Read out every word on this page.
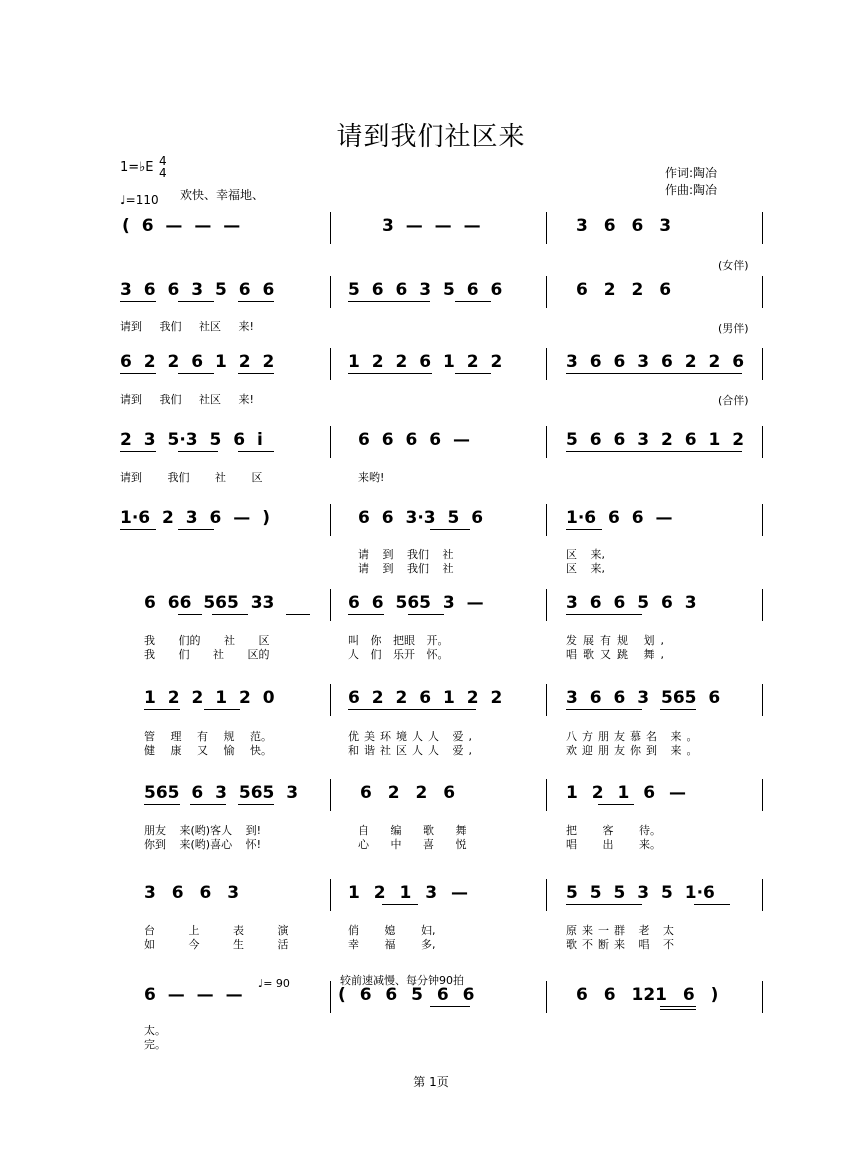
请到我们社区来
1=♭E 4
4
♩=110 欢快、幸福地、
作词:陶冶
作曲:陶冶
( 6 — — —	3 — — —	3 6 6 3
(女伴)
3 6 6 3 5 6 6	5 6 6 3 5 6 6	6 2 2 6
请到 我们 社区 来!	(男伴)
6 2 2 6 1 2 2	1 2 2 6 1 2 2	3 6 6 3 6 2 2 6
请到 我们 社区 来!	(合伴)
2 3 5·3 5 6 i	6 6 6 6 —	5 6 6 3 2 6 1 2
请到 我们 社 区	来哟!
1·6 2 3 6 — )	6 6 3·3 5 6	1·6 6 6 —
请 到 我们 社	区 来,
请 到 我们 社	区 来,
6 66 565 33	6 6 565 3 —	3 6 6 5 6 3
我 们的 社 区	叫 你 把眼 开。	发展有规 划,
我 们 社 区的	人 们 乐开 怀。	唱歌又跳 舞,
1 2 2 1 2 0	6 2 2 6 1 2 2	3 6 6 3 565 6
管 理 有 规 范。	优美环境人人 爱,	八方朋友慕名 来。
健 康 又 愉 快。	和谐社区人人 爱,	欢迎朋友你到 来。
565 6 3 565 3	6 2 2 6	1 2 1 6 —
朋友 来(哟)客人 到!	自 编 歌 舞	把 客 待。
你到 来(哟)喜心 怀!	心 中 喜 悦	唱 出 来。
3 6 6 3	1 2 1 3 —	5 5 5 3 5 1·6
台 上 表 演	俏 媳 妇,	原来一群 老 太
如 今 生 活	幸 福 多,	歌不断来 唱 不
♩= 90	较前速减慢、每分钟90拍
6 — — —	( 6 6 5 6 6	6 6 121 6 )
太。
完。
第 1页
